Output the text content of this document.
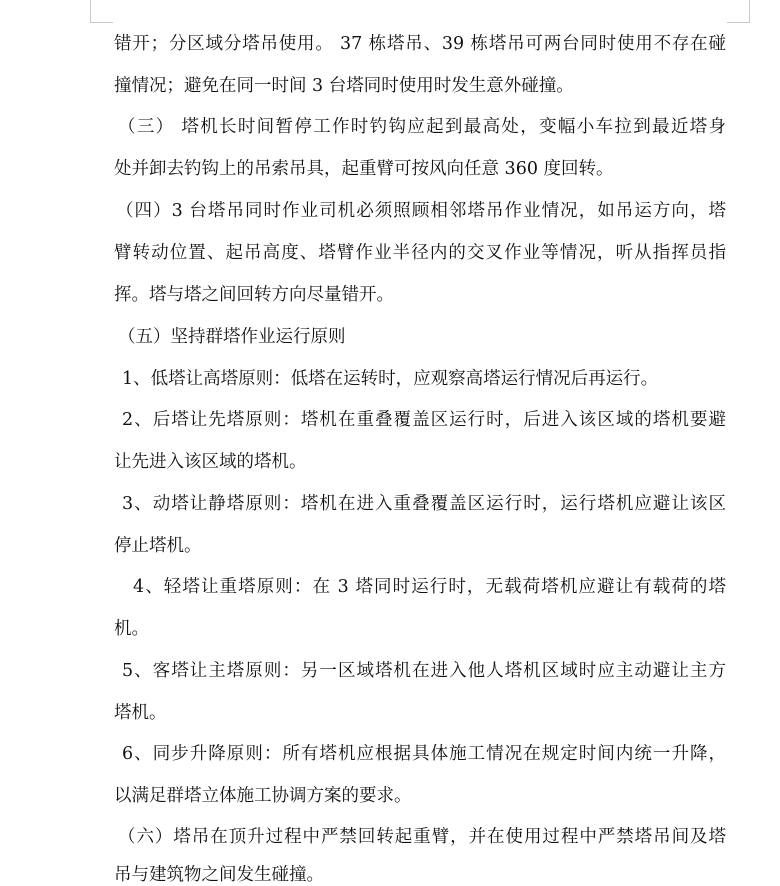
错开；分区域分塔吊使用。 37 栋塔吊、39 栋塔吊可两台同时使用不存在碰
撞情况；避免在同一时间 3 台塔同时使用时发生意外碰撞。
（三） 塔机长时间暂停工作时钓钩应起到最高处，变幅小车拉到最近塔身
处并卸去钓钩上的吊索吊具，起重臂可按风向任意 360 度回转。
（四）3 台塔吊同时作业司机必须照顾相邻塔吊作业情况，如吊运方向，塔
臂转动位置、起吊高度、塔臂作业半径内的交叉作业等情况，听从指挥员指
挥。塔与塔之间回转方向尽量错开。
（五）坚持群塔作业运行原则
1、低塔让高塔原则：低塔在运转时，应观察高塔运行情况后再运行。
2、后塔让先塔原则：塔机在重叠覆盖区运行时，后进入该区域的塔机要避
让先进入该区域的塔机。
3、动塔让静塔原则：塔机在进入重叠覆盖区运行时，运行塔机应避让该区
停止塔机。
4、轻塔让重塔原则：在 3 塔同时运行时，无载荷塔机应避让有载荷的塔
机。
5、客塔让主塔原则：另一区域塔机在进入他人塔机区域时应主动避让主方
塔机。
6、同步升降原则：所有塔机应根据具体施工情况在规定时间内统一升降，
以满足群塔立体施工协调方案的要求。
（六）塔吊在顶升过程中严禁回转起重臂，并在使用过程中严禁塔吊间及塔
吊与建筑物之间发生碰撞。
